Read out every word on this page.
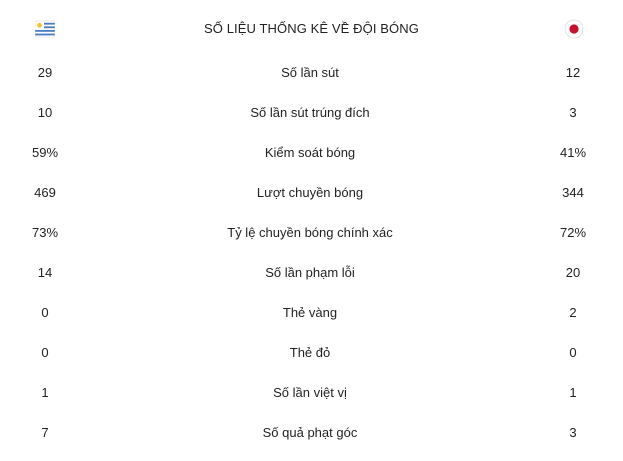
SỐ LIỆU THỐNG KÊ VỀ ĐỘI BÓNG
29	Số lần sút	12
10	Số lần sút trúng đích	3
59%	Kiểm soát bóng	41%
469	Lượt chuyền bóng	344
73%	Tỷ lệ chuyền bóng chính xác	72%
14	Số lần phạm lỗi	20
0	Thẻ vàng	2
0	Thẻ đỏ	0
1	Số lần việt vị	1
7	Số quả phạt góc	3
